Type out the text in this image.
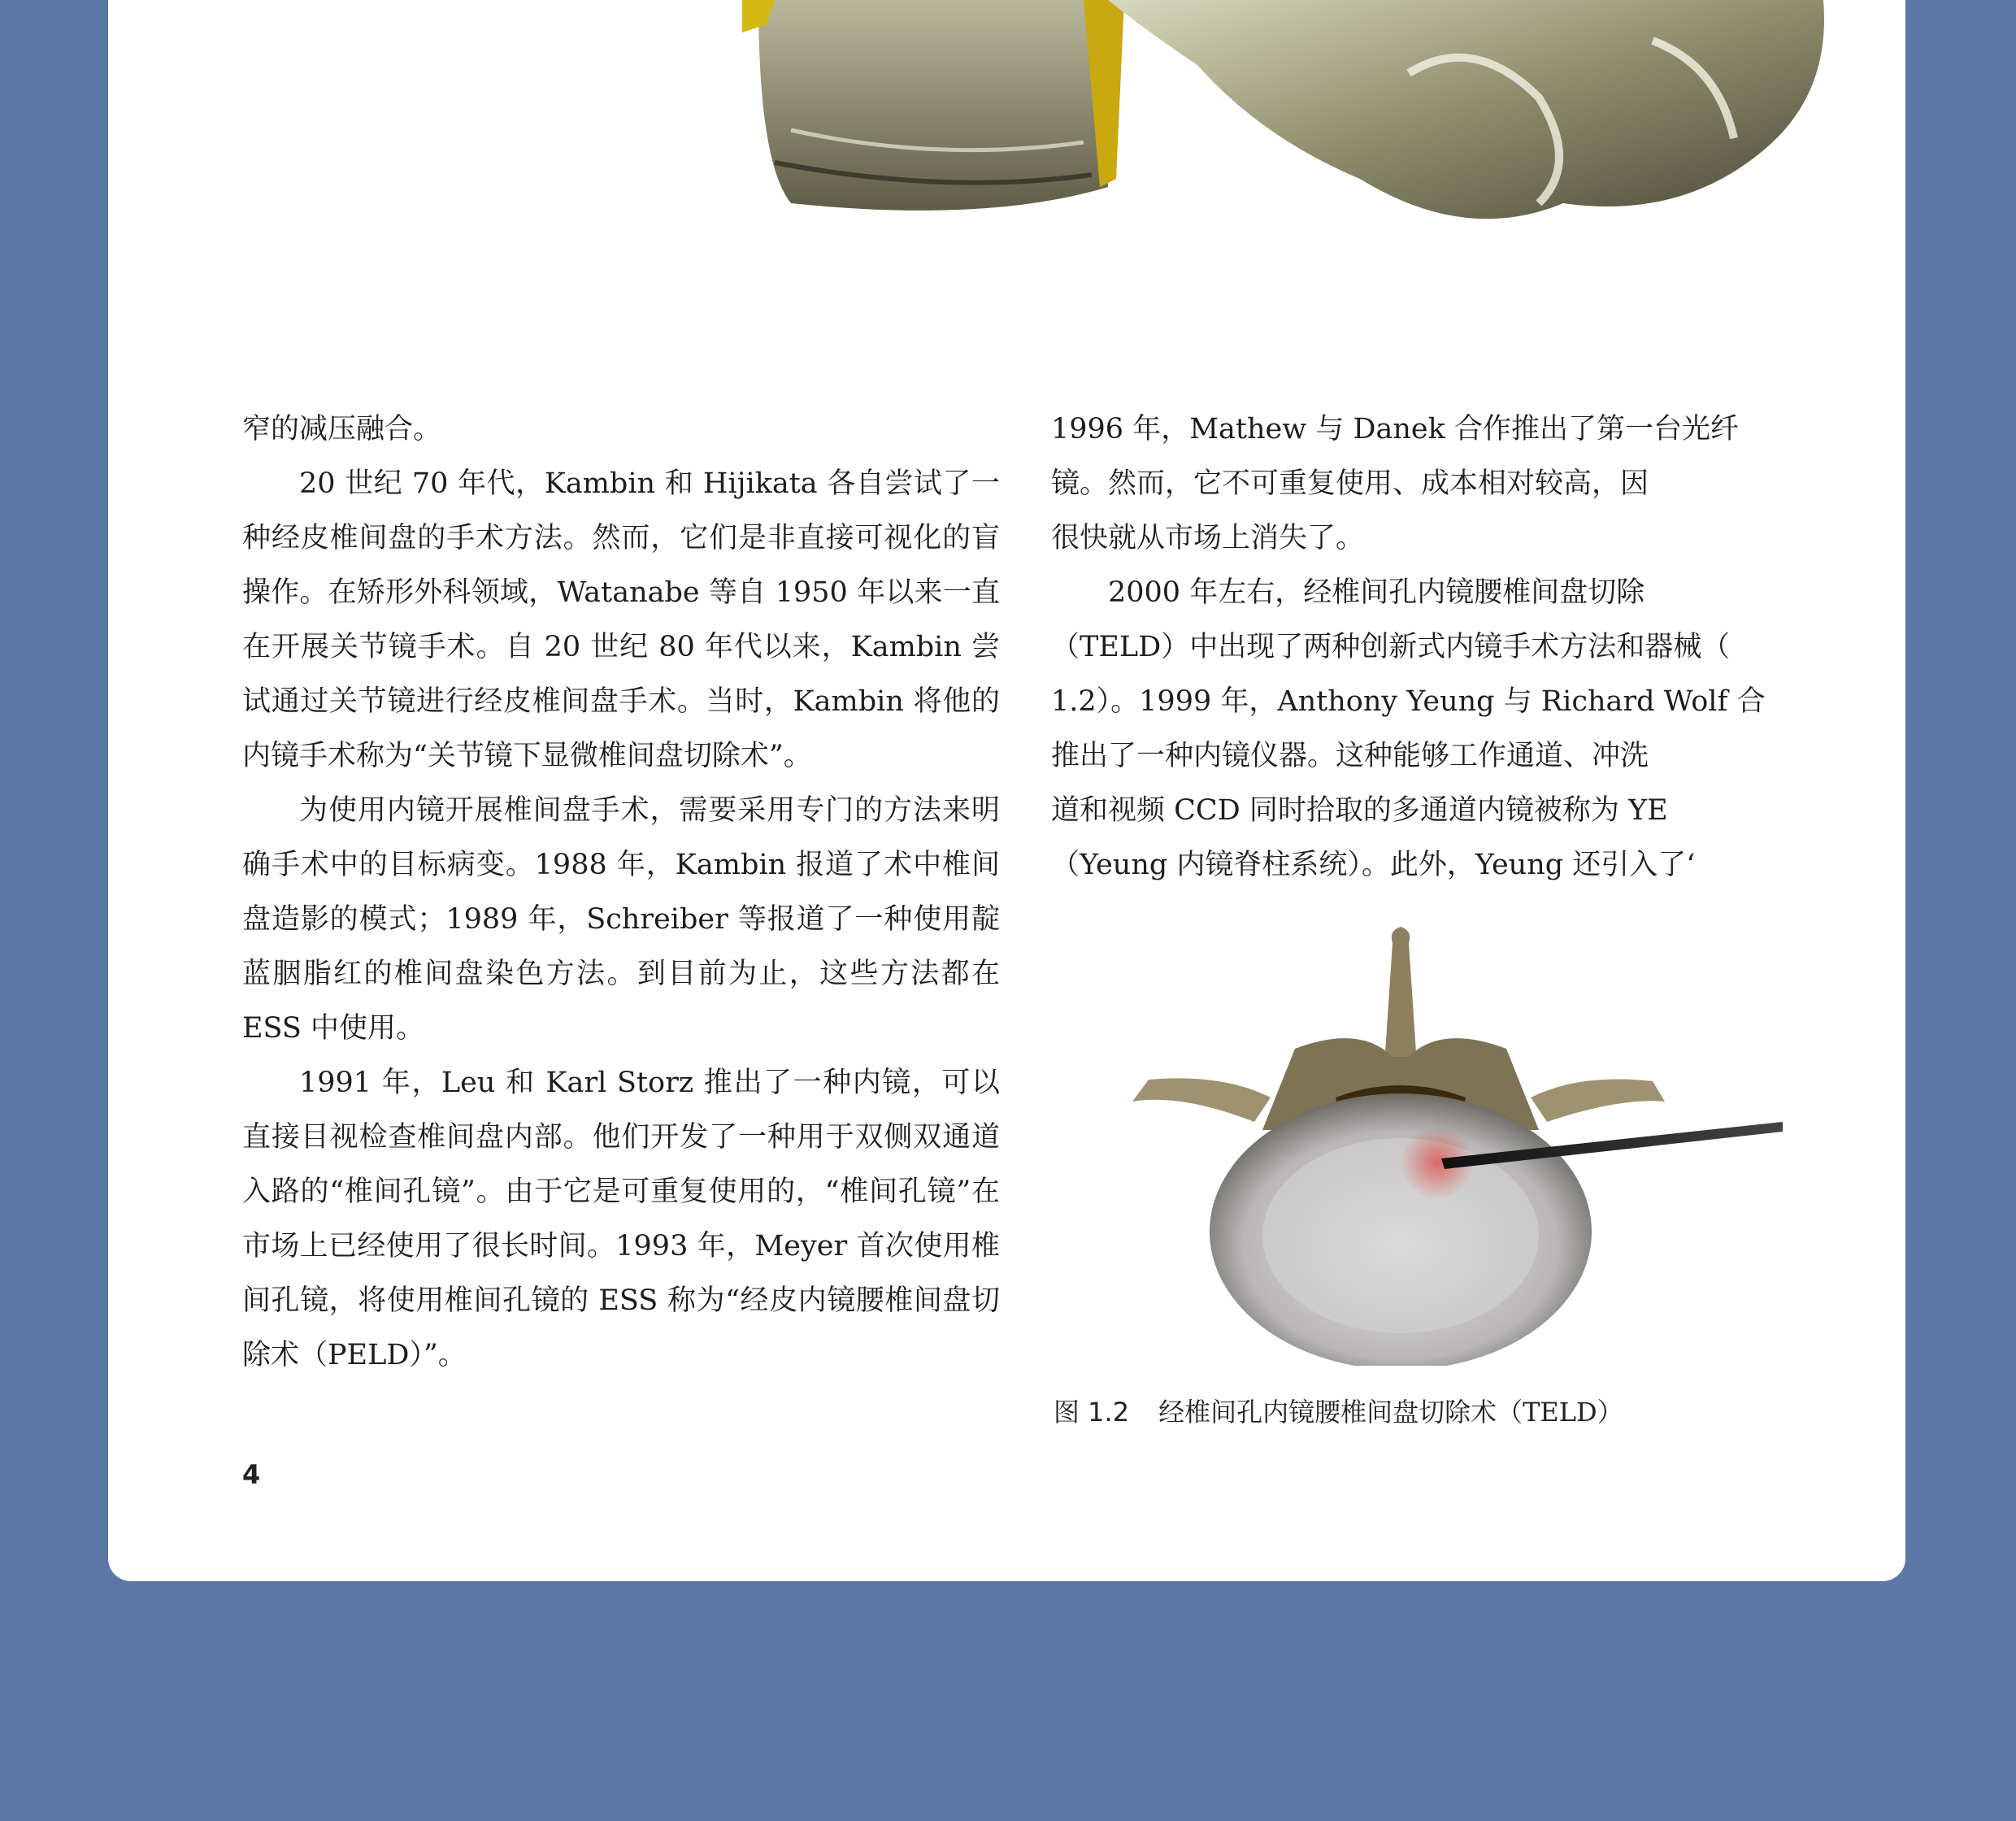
窄的减压融合。

20 世纪 70 年代，Kambin 和 Hijikata 各自尝试了一种经皮椎间盘的手术方法。然而，它们是非直接可视化的盲操作。在矫形外科领域，Watanabe 等自 1950 年以来一直在开展关节镜手术。自 20 世纪 80 年代以来，Kambin 尝试通过关节镜进行经皮椎间盘手术。当时，Kambin 将他的内镜手术称为“关节镜下显微椎间盘切除术”。

为使用内镜开展椎间盘手术，需要采用专门的方法来明确手术中的目标病变。1988 年，Kambin 报道了术中椎间盘造影的模式；1989 年，Schreiber 等报道了一种使用靛蓝胭脂红的椎间盘染色方法。到目前为止，这些方法都在 ESS 中使用。

1991 年，Leu 和 Karl Storz 推出了一种内镜，可以直接目视检查椎间盘内部。他们开发了一种用于双侧双通道入路的“椎间孔镜”。由于它是可重复使用的，“椎间孔镜”在市场上已经使用了很长时间。1993 年，Meyer 首次使用椎间孔镜，将使用椎间孔镜的 ESS 称为“经皮内镜腰椎间盘切除术（PELD）”。

1996 年，Mathew 与 Danek 合作推出了第一台光纤

镜。然而，它不可重复使用、成本相对较高，因

很快就从市场上消失了。

2000 年左右，经椎间孔内镜腰椎间盘切除

（TELD）中出现了两种创新式内镜手术方法和器械（

1.2）。1999 年，Anthony Yeung 与 Richard Wolf 合

推出了一种内镜仪器。这种能够工作通道、冲洗

道和视频 CCD 同时拾取的多通道内镜被称为 YE

（Yeung 内镜脊柱系统）。此外，Yeung 还引入了‘

图 1.2 经椎间孔内镜腰椎间盘切除术（TELD）
4
